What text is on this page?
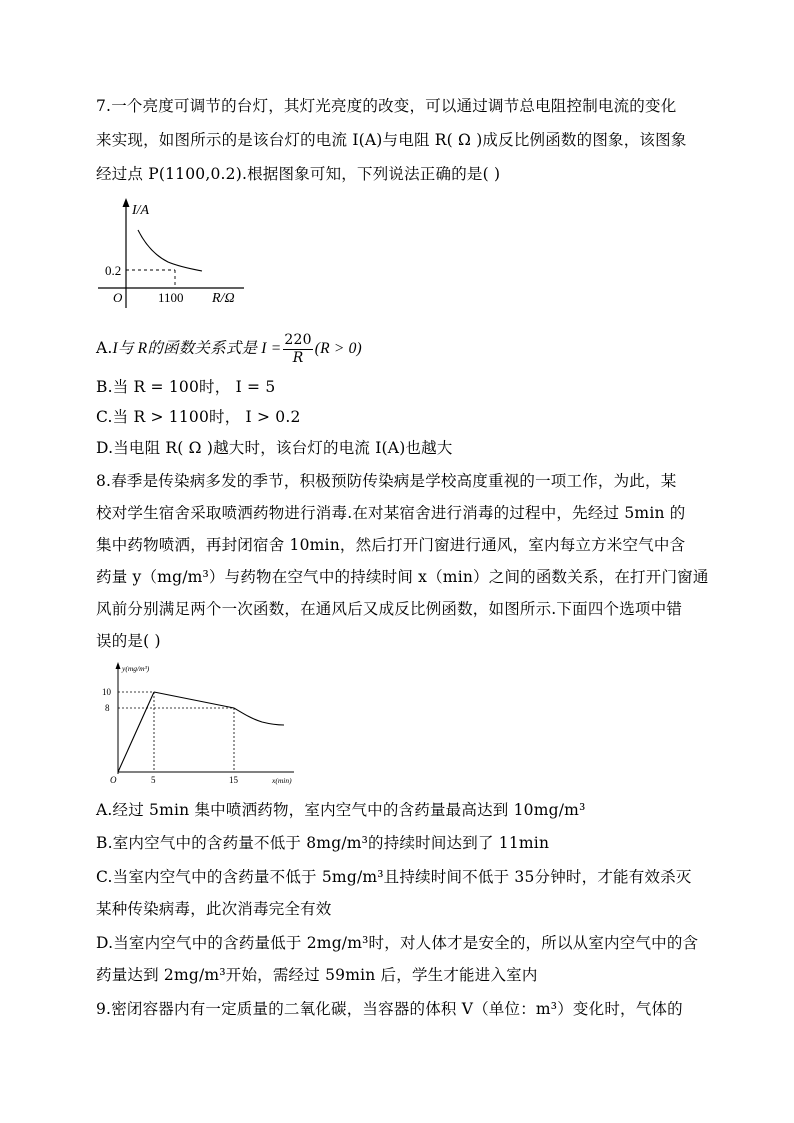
7.一个亮度可调节的台灯，其灯光亮度的改变，可以通过调节总电阻控制电流的变化
来实现，如图所示的是该台灯的电流 I(A)与电阻 R( Ω )成反比例函数的图象，该图象
经过点 P(1100,0.2).根据图象可知，下列说法正确的是( )
I/A
0.2
O	1100 R/Ω
A.I与 R的函数关系式是 $I = \frac{220}{R} (R > 0)$
B.当 R = 100时， I = 5
C.当 R > 1100时， I > 0.2
D.当电阻 R( Ω )越大时，该台灯的电流 I(A)也越大
8.春季是传染病多发的季节，积极预防传染病是学校高度重视的一项工作，为此，某
校对学生宿舍采取喷洒药物进行消毒.在对某宿舍进行消毒的过程中，先经过 5min 的
集中药物喷洒，再封闭宿舍 10min，然后打开门窗进行通风，室内每立方米空气中含
药量 y（mg/m³）与药物在空气中的持续时间 x（min）之间的函数关系，在打开门窗通
风前分别满足两个一次函数，在通风后又成反比例函数，如图所示.下面四个选项中错
误的是( )
y(mg/m³)
10
8
O	5	15	x(min)
A.经过 5min 集中喷洒药物，室内空气中的含药量最高达到 10mg/m³
B.室内空气中的含药量不低于 8mg/m³的持续时间达到了 11min
C.当室内空气中的含药量不低于 5mg/m³且持续时间不低于 35分钟时，才能有效杀灭
某种传染病毒，此次消毒完全有效
D.当室内空气中的含药量低于 2mg/m³时，对人体才是安全的，所以从室内空气中的含
药量达到 2mg/m³开始，需经过 59min 后，学生才能进入室内
9.密闭容器内有一定质量的二氧化碳，当容器的体积 V（单位：m³）变化时，气体的
